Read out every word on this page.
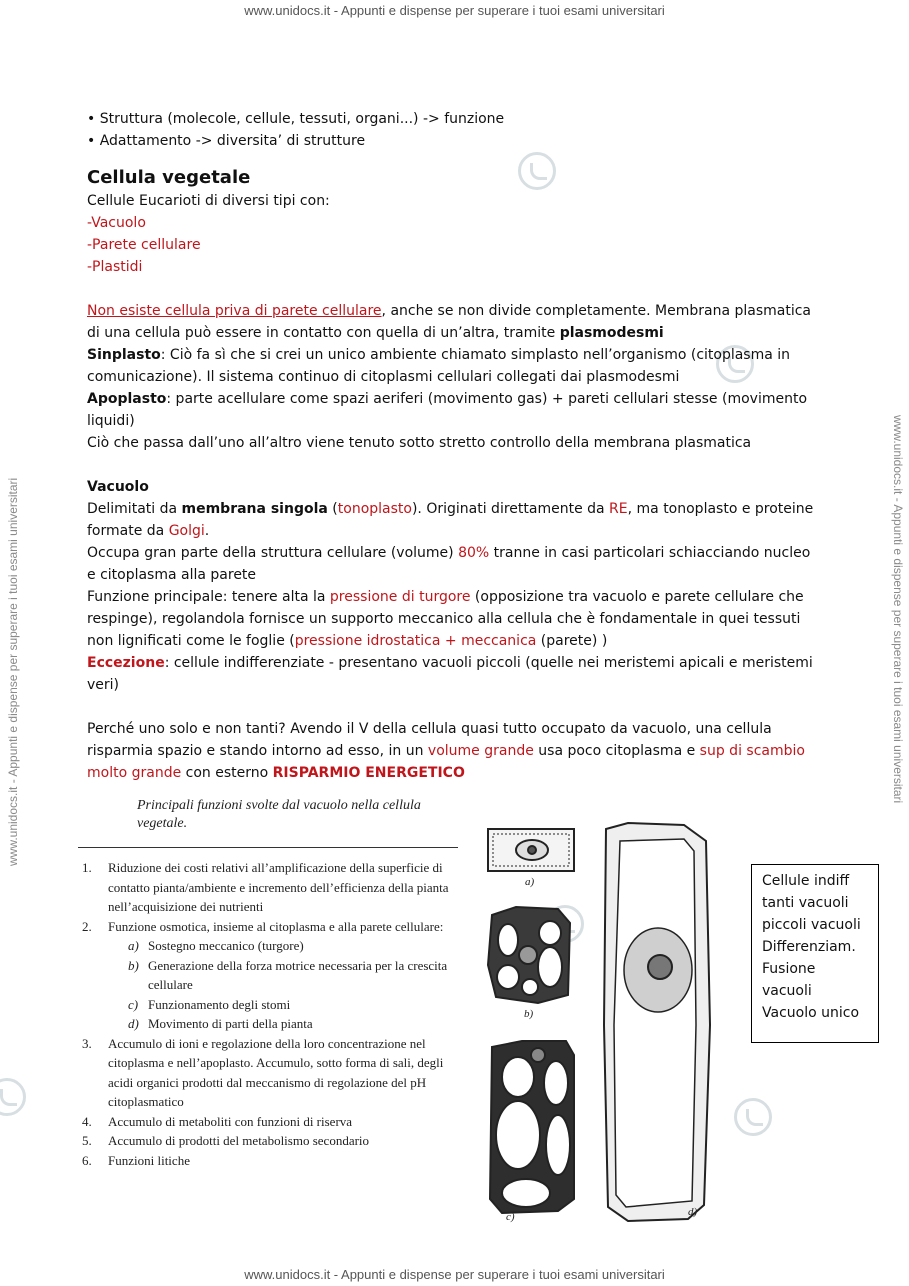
www.unidocs.it - Appunti e dispense per superare i tuoi esami universitari
www.unidocs.it - Appunti e dispense per superare i tuoi esami universitari
www.unidocs.it - Appunti e dispense per superare i tuoi esami universitari	www.unidocs.it - Appunti e dispense per superare i tuoi esami universitari
• Struttura (molecole, cellule, tessuti, organi...) -> funzione
• Adattamento -> diversita’ di strutture
Cellula vegetale
Cellule Eucarioti di diversi tipi con:
-Vacuolo
-Parete cellulare
-Plastidi
Non esiste cellula priva di parete cellulare, anche se non divide completamente. Membrana plasmatica di una cellula può essere in contatto con quella di un’altra, tramite plasmodesmi
Sinplasto: Ciò fa sì che si crei un unico ambiente chiamato simplasto nell’organismo (citoplasma in comunicazione). Il sistema continuo di citoplasmi cellulari collegati dai plasmodesmi
Apoplasto: parte acellulare come spazi aeriferi (movimento gas) + pareti cellulari stesse (movimento liquidi)
Ciò che passa dall’uno all’altro viene tenuto sotto stretto controllo della membrana plasmatica
Vacuolo
Delimitati da membrana singola (tonoplasto). Originati direttamente da RE, ma tonoplasto e proteine formate da Golgi.
Occupa gran parte della struttura cellulare (volume) 80% tranne in casi particolari schiacciando nucleo e citoplasma alla parete
Funzione principale: tenere alta la pressione di turgore (opposizione tra vacuolo e parete cellulare che respinge), regolandola fornisce un supporto meccanico alla cellula che è fondamentale in quei tessuti non lignificati come le foglie (pressione idrostatica + meccanica (parete) )
Eccezione: cellule indifferenziate - presentano vacuoli piccoli (quelle nei meristemi apicali e meristemi veri)
Perché uno solo e non tanti? Avendo il V della cellula quasi tutto occupato da vacuolo, una cellula risparmia spazio e stando intorno ad esso, in un volume grande usa poco citoplasma e sup di scambio molto grande con esterno RISPARMIO ENERGETICO
Principali funzioni svolte dal vacuolo nella cellula vegetale.
1. Riduzione dei costi relativi all’amplificazione della superficie di contatto pianta/ambiente e incremento dell’efficienza della pianta nell’acquisizione dei nutrienti
2. Funzione osmotica, insieme al citoplasma e alla parete cellulare:
a) Sostegno meccanico (turgore)
b) Generazione della forza motrice necessaria per la crescita cellulare
c) Funzionamento degli stomi
d) Movimento di parti della pianta
3. Accumulo di ioni e regolazione della loro concentrazione nel citoplasma e nell’apoplasto. Accumulo, sotto forma di sali, degli acidi organici prodotti dal meccanismo di regolazione del pH citoplasmatico
4. Accumulo di metaboliti con funzioni di riserva
5. Accumulo di prodotti del metabolismo secondario
6. Funzioni litiche
a)
b)
c)	d)
Cellule indiff
tanti vacuoli
piccoli vacuoli
Differenziam.
Fusione
vacuoli
Vacuolo unico
